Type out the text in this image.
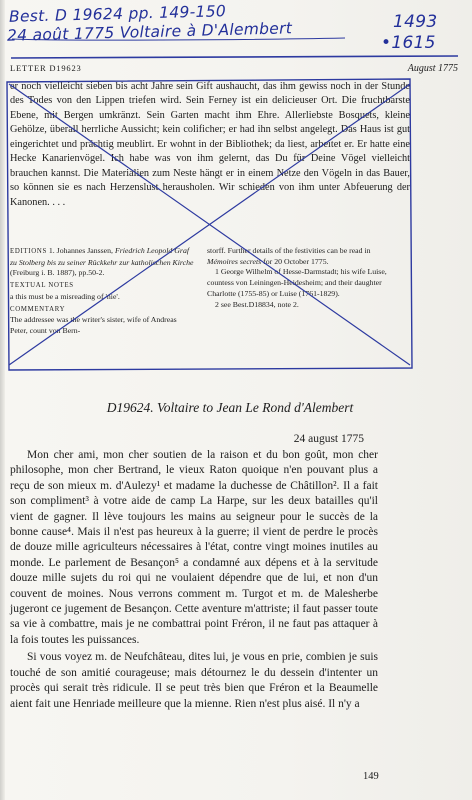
Best. D 19624 pp. 149-150
24 août 1775 Voltaire à D'Alembert	1493
•1615
LETTER D19623	August 1775

er noch vielleicht sieben bis acht Jahre sein Gift aushaucht, das ihm gewiss noch in der Stunde des Todes von den Lippen triefen wird. Sein Ferney ist ein delicieuser Ort. Die fruchtbarste Ebene, mit Bergen umkränzt. Sein Garten macht ihm Ehre. Allerliebste Bosquets, kleine Gehölze, überall herrliche Aussicht; kein colificher; er had ihn selbst angelegt. Das Haus ist gut eingerichtet und prächtig meublirt. Er wohnt in der Bibliothek; da liest, arbeitet er. Er hatte eine Hecke Kanarienvögel. Ich habe was von ihm gelernt, das Du für Deine Vögel vielleicht brauchen kannst. Die Materialien zum Neste hängt er in einem Netze den Vögeln in das Bauer, so können sie es nach Herzenslust herausholen. Wir schieden von ihm unter Abfeuerung der Kanonen. . . .

EDITIONS 1. Johannes Janssen, Friedrich Leopold Graf zu Stolberg bis zu seiner Rückkehr zur katholischen Kirche (Freiburg i. B. 1887), pp.50-2.

TEXTUAL NOTES

a this must be a misreading of 'nie'.

COMMENTARY

The addressee was the writer's sister, wife of Andreas Peter, count von Bern-

storff. Further details of the festivities can be read in Mémoires secrets for 20 October 1775.

1 George Wilhelm of Hesse-Darmstadt; his wife Luise, countess von Leiningen-Heidesheim; and their daughter Charlotte (1755-85) or Luise (1761-1829).

2 see Best.D18834, note 2.

D19624. Voltaire to Jean Le Rond d'Alembert
24 august 1775

Mon cher ami, mon cher soutien de la raison et du bon goût, mon cher philosophe, mon cher Bertrand, le vieux Raton quoique n'en pouvant plus a reçu de son mieux m. d'Aulezy¹ et madame la duchesse de Châtillon². Il a fait son compliment³ à votre aide de camp La Harpe, sur les deux batailles qu'il vient de gagner. Il lève toujours les mains au seigneur pour le succès de la bonne cause⁴. Mais il n'est pas heureux à la guerre; il vient de perdre le procès de douze mille agriculteurs nécessaires à l'état, contre vingt moines inutiles au monde. Le parlement de Besançon⁵ a condamné aux dépens et à la servitude douze mille sujets du roi qui ne voulaient dépendre que de lui, et non d'un couvent de moines. Nous verrons comment m. Turgot et m. de Malesherbe jugeront ce jugement de Besançon. Cette aventure m'attriste; il faut passer toute sa vie à combattre, mais je ne combattrai point Fréron, il ne faut pas attaquer à la fois toutes les puissances.

Si vous voyez m. de Neufchâteau, dites lui, je vous en prie, combien je suis touché de son amitié courageuse; mais détournez le du dessein d'intenter un procès qui serait très ridicule. Il se peut très bien que Fréron et la Beaumelle aient fait une Henriade meilleure que la mienne. Rien n'est plus aisé. Il n'y a

149
